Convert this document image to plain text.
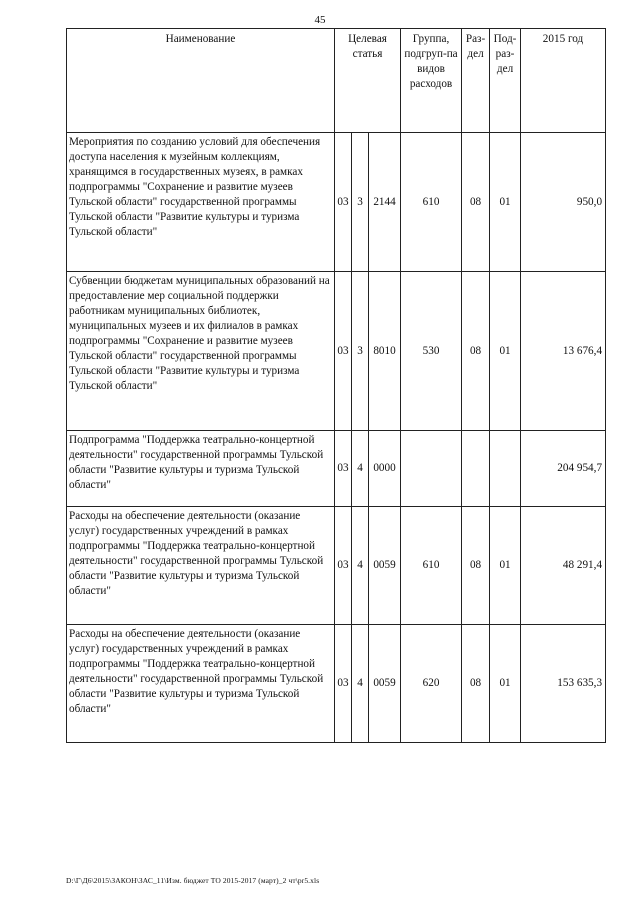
45
Наименование	Целевая статья			Группа, подгруп-па видов расходов	Раз-дел	Под-раз-дел	2015 год
Мероприятия по созданию условий для обеспечения доступа населения к музейным коллекциям, хранящимся в государственных музеях, в рамках подпрограммы "Сохранение и развитие музеев Тульской области" государственной программы Тульской области "Развитие культуры и туризма Тульской области"	03	3	2144	610	08	01	950,0
Субвенции бюджетам муниципальных образований на предоставление мер социальной поддержки работникам муниципальных библиотек, муниципальных музеев и их филиалов в рамках подпрограммы "Сохранение и развитие музеев Тульской области" государственной программы Тульской области "Развитие культуры и туризма Тульской области"	03	3	8010	530	08	01	13 676,4
Подпрограмма "Поддержка театрально-концертной деятельности" государственной программы Тульской области "Развитие культуры и туризма Тульской области"	03	4	0000				204 954,7
Расходы на обеспечение деятельности (оказание услуг) государственных учреждений в рамках подпрограммы "Поддержка театрально-концертной деятельности" государственной программы Тульской области "Развитие культуры и туризма Тульской области"	03	4	0059	610	08	01	48 291,4
Расходы на обеспечение деятельности (оказание услуг) государственных учреждений в рамках подпрограммы "Поддержка театрально-концертной деятельности" государственной программы Тульской области "Развитие культуры и туризма Тульской области"	03	4	0059	620	08	01	153 635,3
D:\Г\Д6\2015\ЗАКОН\ЗАС_11\Изм. бюджет ТО 2015-2017 (март)_2 чт\pr5.xls
